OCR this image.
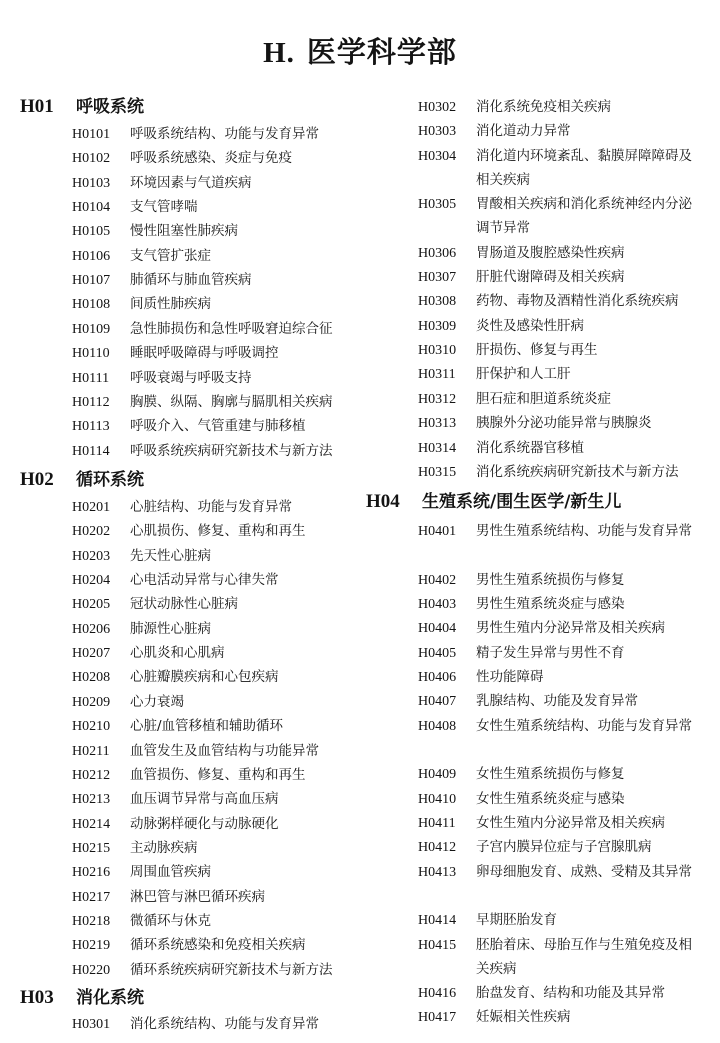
H. 医学科学部
H01 呼吸系统
H0101 呼吸系统结构、功能与发育异常
H0102 呼吸系统感染、炎症与免疫
H0103 环境因素与气道疾病
H0104 支气管哮喘
H0105 慢性阻塞性肺疾病
H0106 支气管扩张症
H0107 肺循环与肺血管疾病
H0108 间质性肺疾病
H0109 急性肺损伤和急性呼吸窘迫综合征
H0110 睡眠呼吸障碍与呼吸调控
H0111 呼吸衰竭与呼吸支持
H0112 胸膜、纵隔、胸廓与膈肌相关疾病
H0113 呼吸介入、气管重建与肺移植
H0114 呼吸系统疾病研究新技术与新方法
H02 循环系统
H0201 心脏结构、功能与发育异常
H0202 心肌损伤、修复、重构和再生
H0203 先天性心脏病
H0204 心电活动异常与心律失常
H0205 冠状动脉性心脏病
H0206 肺源性心脏病
H0207 心肌炎和心肌病
H0208 心脏瓣膜疾病和心包疾病
H0209 心力衰竭
H0210 心脏/血管移植和辅助循环
H0211 血管发生及血管结构与功能异常
H0212 血管损伤、修复、重构和再生
H0213 血压调节异常与高血压病
H0214 动脉粥样硬化与动脉硬化
H0215 主动脉疾病
H0216 周围血管疾病
H0217 淋巴管与淋巴循环疾病
H0218 微循环与休克
H0219 循环系统感染和免疫相关疾病
H0220 循环系统疾病研究新技术与新方法
H03 消化系统
H0301 消化系统结构、功能与发育异常
H0302 消化系统免疫相关疾病
H0303 消化道动力异常
H0304 消化道内环境紊乱、黏膜屏障障碍及相关疾病
H0305 胃酸相关疾病和消化系统神经内分泌调节异常
H0306 胃肠道及腹腔感染性疾病
H0307 肝脏代谢障碍及相关疾病
H0308 药物、毒物及酒精性消化系统疾病
H0309 炎性及感染性肝病
H0310 肝损伤、修复与再生
H0311 肝保护和人工肝
H0312 胆石症和胆道系统炎症
H0313 胰腺外分泌功能异常与胰腺炎
H0314 消化系统器官移植
H0315 消化系统疾病研究新技术与新方法
H04 生殖系统/围生医学/新生儿
H0401 男性生殖系统结构、功能与发育异常
H0402 男性生殖系统损伤与修复
H0403 男性生殖系统炎症与感染
H0404 男性生殖内分泌异常及相关疾病
H0405 精子发生异常与男性不育
H0406 性功能障碍
H0407 乳腺结构、功能及发育异常
H0408 女性生殖系统结构、功能与发育异常
H0409 女性生殖系统损伤与修复
H0410 女性生殖系统炎症与感染
H0411 女性生殖内分泌异常及相关疾病
H0412 子宫内膜异位症与子宫腺肌病
H0413 卵母细胞发育、成熟、受精及其异常
H0414 早期胚胎发育
H0415 胚胎着床、母胎互作与生殖免疫及相关疾病
H0416 胎盘发育、结构和功能及其异常
H0417 妊娠相关性疾病
